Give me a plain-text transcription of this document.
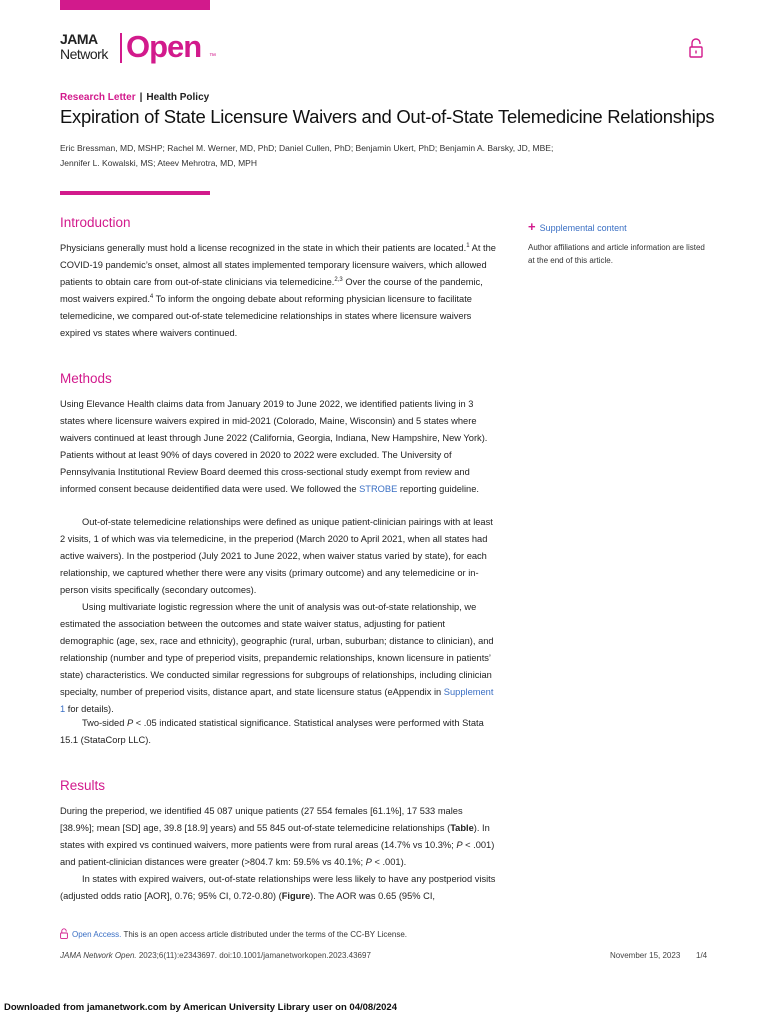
JAMA
Network Open ™
Research Letter | Health Policy
Expiration of State Licensure Waivers and Out-of-State Telemedicine Relationships
Eric Bressman, MD, MSHP; Rachel M. Werner, MD, PhD; Daniel Cullen, PhD; Benjamin Ukert, PhD; Benjamin A. Barsky, JD, MBE; Jennifer L. Kowalski, MS; Ateev Mehrotra, MD, MPH
Introduction

Physicians generally must hold a license recognized in the state in which their patients are located.$^1$ At the COVID-19 pandemic’s onset, almost all states implemented temporary licensure waivers, which allowed patients to obtain care from out-of-state clinicians via telemedicine.$^{2,3}$ Over the course of the pandemic, most waivers expired.$^4$ To inform the ongoing debate about reforming physician licensure to facilitate telemedicine, we compared out-of-state telemedicine relationships in states where licensure waivers expired vs states where waivers continued.

+ Supplemental content
Author affiliations and article information are listed at the end of this article.
Methods

Using Elevance Health claims data from January 2019 to June 2022, we identified patients living in 3 states where licensure waivers expired in mid-2021 (Colorado, Maine, Wisconsin) and 5 states where waivers continued at least through June 2022 (California, Georgia, Indiana, New Hampshire, New York). Patients without at least 90% of days covered in 2020 to 2022 were excluded. The University of Pennsylvania Institutional Review Board deemed this cross-sectional study exempt from review and informed consent because deidentified data were used. We followed the STROBE reporting guideline.

Out-of-state telemedicine relationships were defined as unique patient-clinician pairings with at least 2 visits, 1 of which was via telemedicine, in the preperiod (March 2020 to April 2021, when all states had active waivers). In the postperiod (July 2021 to June 2022, when waiver status varied by state), for each relationship, we captured whether there were any visits (primary outcome) and any telemedicine or in-person visits specifically (secondary outcomes).

Using multivariate logistic regression where the unit of analysis was out-of-state relationship, we estimated the association between the outcomes and state waiver status, adjusting for patient demographic (age, sex, race and ethnicity), geographic (rural, urban, suburban; distance to clinician), and relationship (number and type of preperiod visits, prepandemic relationships, known licensure in patients’ state) characteristics. We conducted similar regressions for subgroups of relationships, including clinician specialty, number of preperiod visits, distance apart, and state licensure status (eAppendix in Supplement 1 for details).

Two-sided P < .05 indicated statistical significance. Statistical analyses were performed with Stata 15.1 (StataCorp LLC).

Results

During the preperiod, we identified 45 087 unique patients (27 554 females [61.1%], 17 533 males [38.9%]; mean [SD] age, 39.8 [18.9] years) and 55 845 out-of-state telemedicine relationships (Table). In states with expired vs continued waivers, more patients were from rural areas (14.7% vs 10.3%; P < .001) and patient-clinician distances were greater (>804.7 km: 59.5% vs 40.1%; P < .001).

In states with expired waivers, out-of-state relationships were less likely to have any postperiod visits (adjusted odds ratio [AOR], 0.76; 95% CI, 0.72-0.80) (Figure). The AOR was 0.65 (95% CI,

Open Access. This is an open access article distributed under the terms of the CC-BY License.
JAMA Network Open. 2023;6(11):e2343697. doi:10.1001/jamanetworkopen.2023.43697	November 15, 2023 1/4
Downloaded from jamanetwork.com by American University Library user on 04/08/2024
